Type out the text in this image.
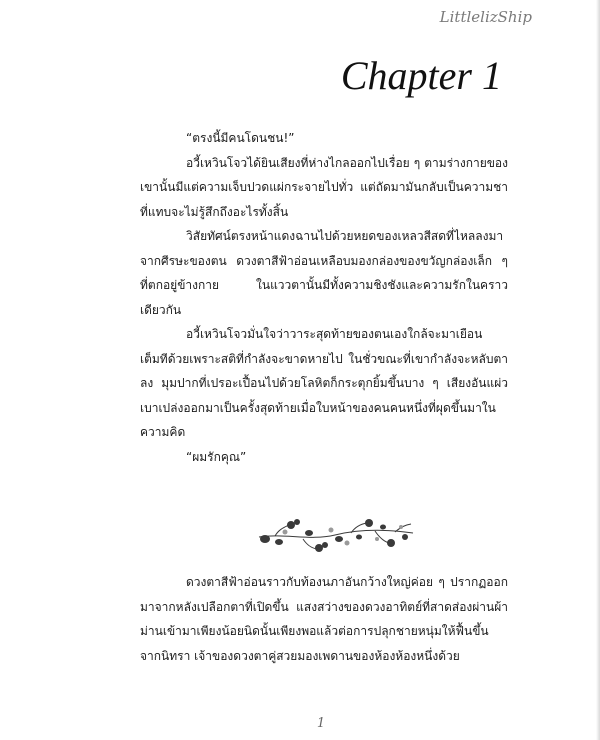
LittlelizShip
Chapter 1

“ตรงนี้มีคนโดนชน!”

อวี้เหวินโจวได้ยินเสียงที่ห่างไกลออกไปเรื่อย ๆ ตามร่างกายของเขานั้นมีแต่ความเจ็บปวดแผ่กระจายไปทั่ว แต่ถัดมามันกลับเป็นความชาที่แทบจะไม่รู้สึกถึงอะไรทั้งสิ้น

วิสัยทัศน์ตรงหน้าแดงฉานไปด้วยหยดของเหลวสีสดที่ไหลลงมาจากศีรษะของตน ดวงตาสีฟ้าอ่อนเหลือบมองกล่องของขวัญกล่องเล็ก ๆ ที่ตกอยู่ข้างกาย ในแววตานั้นมีทั้งความชิงชังและความรักในคราวเดียวกัน

อวี้เหวินโจวมั่นใจว่าวาระสุดท้ายของตนเองใกล้จะมาเยือนเต็มทีด้วยเพราะสติที่กำลังจะขาดหายไป ในชั่วขณะที่เขากำลังจะหลับตาลง มุมปากที่เปรอะเปื้อนไปด้วยโลหิตก็กระตุกยิ้มขึ้นบาง ๆ เสียงอันแผ่วเบาเปล่งออกมาเป็นครั้งสุดท้ายเมื่อใบหน้าของคนคนหนึ่งที่ผุดขึ้นมาในความคิด

“ผมรักคุณ”

ดวงตาสีฟ้าอ่อนราวกับท้องนภาอันกว้างใหญ่ค่อย ๆ ปรากฏออกมาจากหลังเปลือกตาที่เปิดขึ้น แสงสว่างของดวงอาทิตย์ที่สาดส่องผ่านผ้าม่านเข้ามาเพียงน้อยนิดนั้นเพียงพอแล้วต่อการปลุกชายหนุ่มให้ฟื้นขึ้นจากนิทรา เจ้าของดวงตาคู่สวยมองเพดานของห้องห้องหนึ่งด้วย

1
